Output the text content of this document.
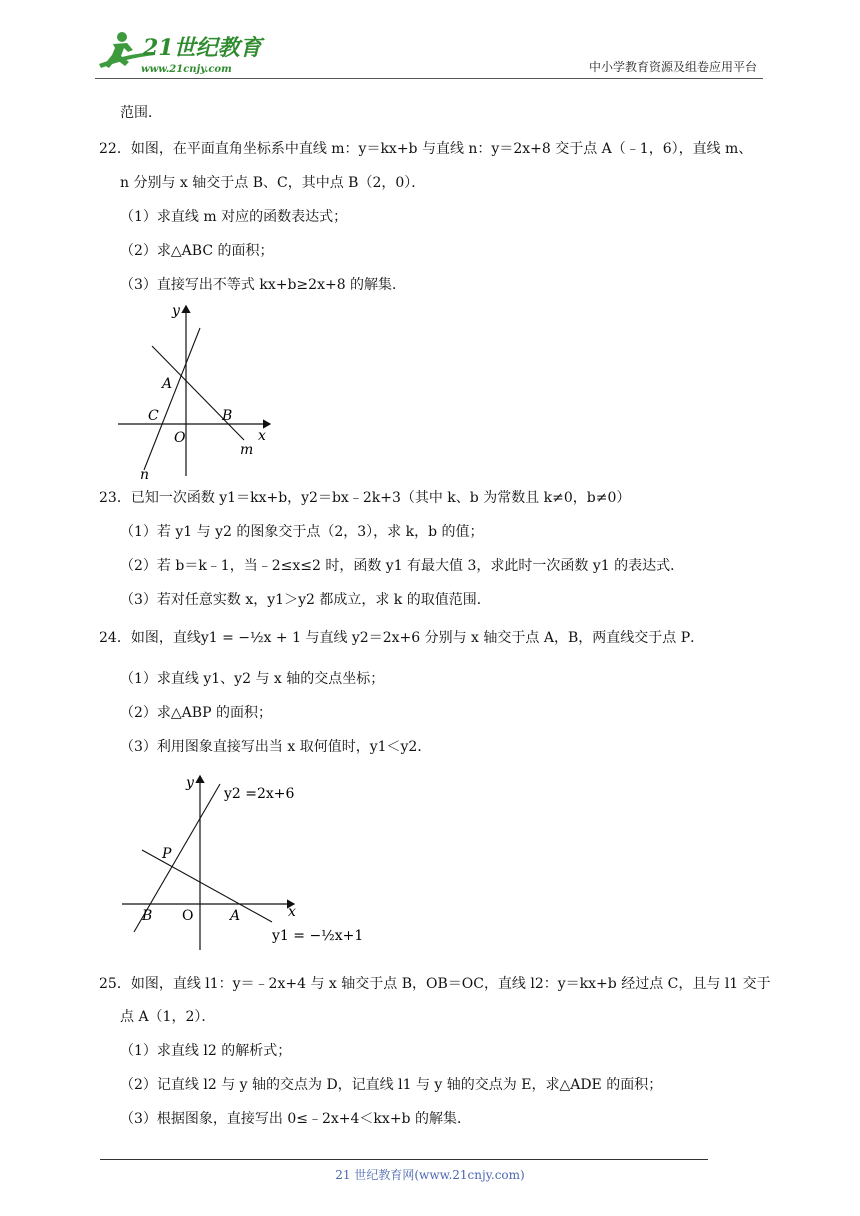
21世纪教育
www.21cnjy.com	中小学教育资源及组卷应用平台
范围．
22．如图，在平面直角坐标系中直线 m：y＝kx+b 与直线 n：y＝2x+8 交于点 A（﹣1，6），直线 m、
n 分别与 x 轴交于点 B、C，其中点 B（2，0）．
（1）求直线 m 对应的函数表达式；
（2）求△ABC 的面积；
（3）直接写出不等式 kx+b≥2x+8 的解集．
y
x
A
B
C
O
m
n
23．已知一次函数 y1＝kx+b，y2＝bx﹣2k+3（其中 k、b 为常数且 k≠0，b≠0）
（1）若 y1 与 y2 的图象交于点（2，3），求 k，b 的值；
（2）若 b＝k﹣1，当﹣2≤x≤2 时，函数 y1 有最大值 3，求此时一次函数 y1 的表达式．
（3）若对任意实数 x，y1＞y2 都成立，求 k 的取值范围．
24．如图，直线y1 = −½x + 1 与直线 y2＝2x+6 分别与 x 轴交于点 A，B，两直线交于点 P．
（1）求直线 y1、y2 与 x 轴的交点坐标；
（2）求△ABP 的面积；
（3）利用图象直接写出当 x 取何值时，y1＜y2．
y
x
P
B O	A
y2 =2x+6
y1 = −½x+1
25．如图，直线 l1：y＝﹣2x+4 与 x 轴交于点 B，OB＝OC，直线 l2：y＝kx+b 经过点 C，且与 l1 交于
点 A（1，2）．
（1）求直线 l2 的解析式；
（2）记直线 l2 与 y 轴的交点为 D，记直线 l1 与 y 轴的交点为 E，求△ADE 的面积；
（3）根据图象，直接写出 0≤﹣2x+4＜kx+b 的解集．
21 世纪教育网(www.21cnjy.com)
